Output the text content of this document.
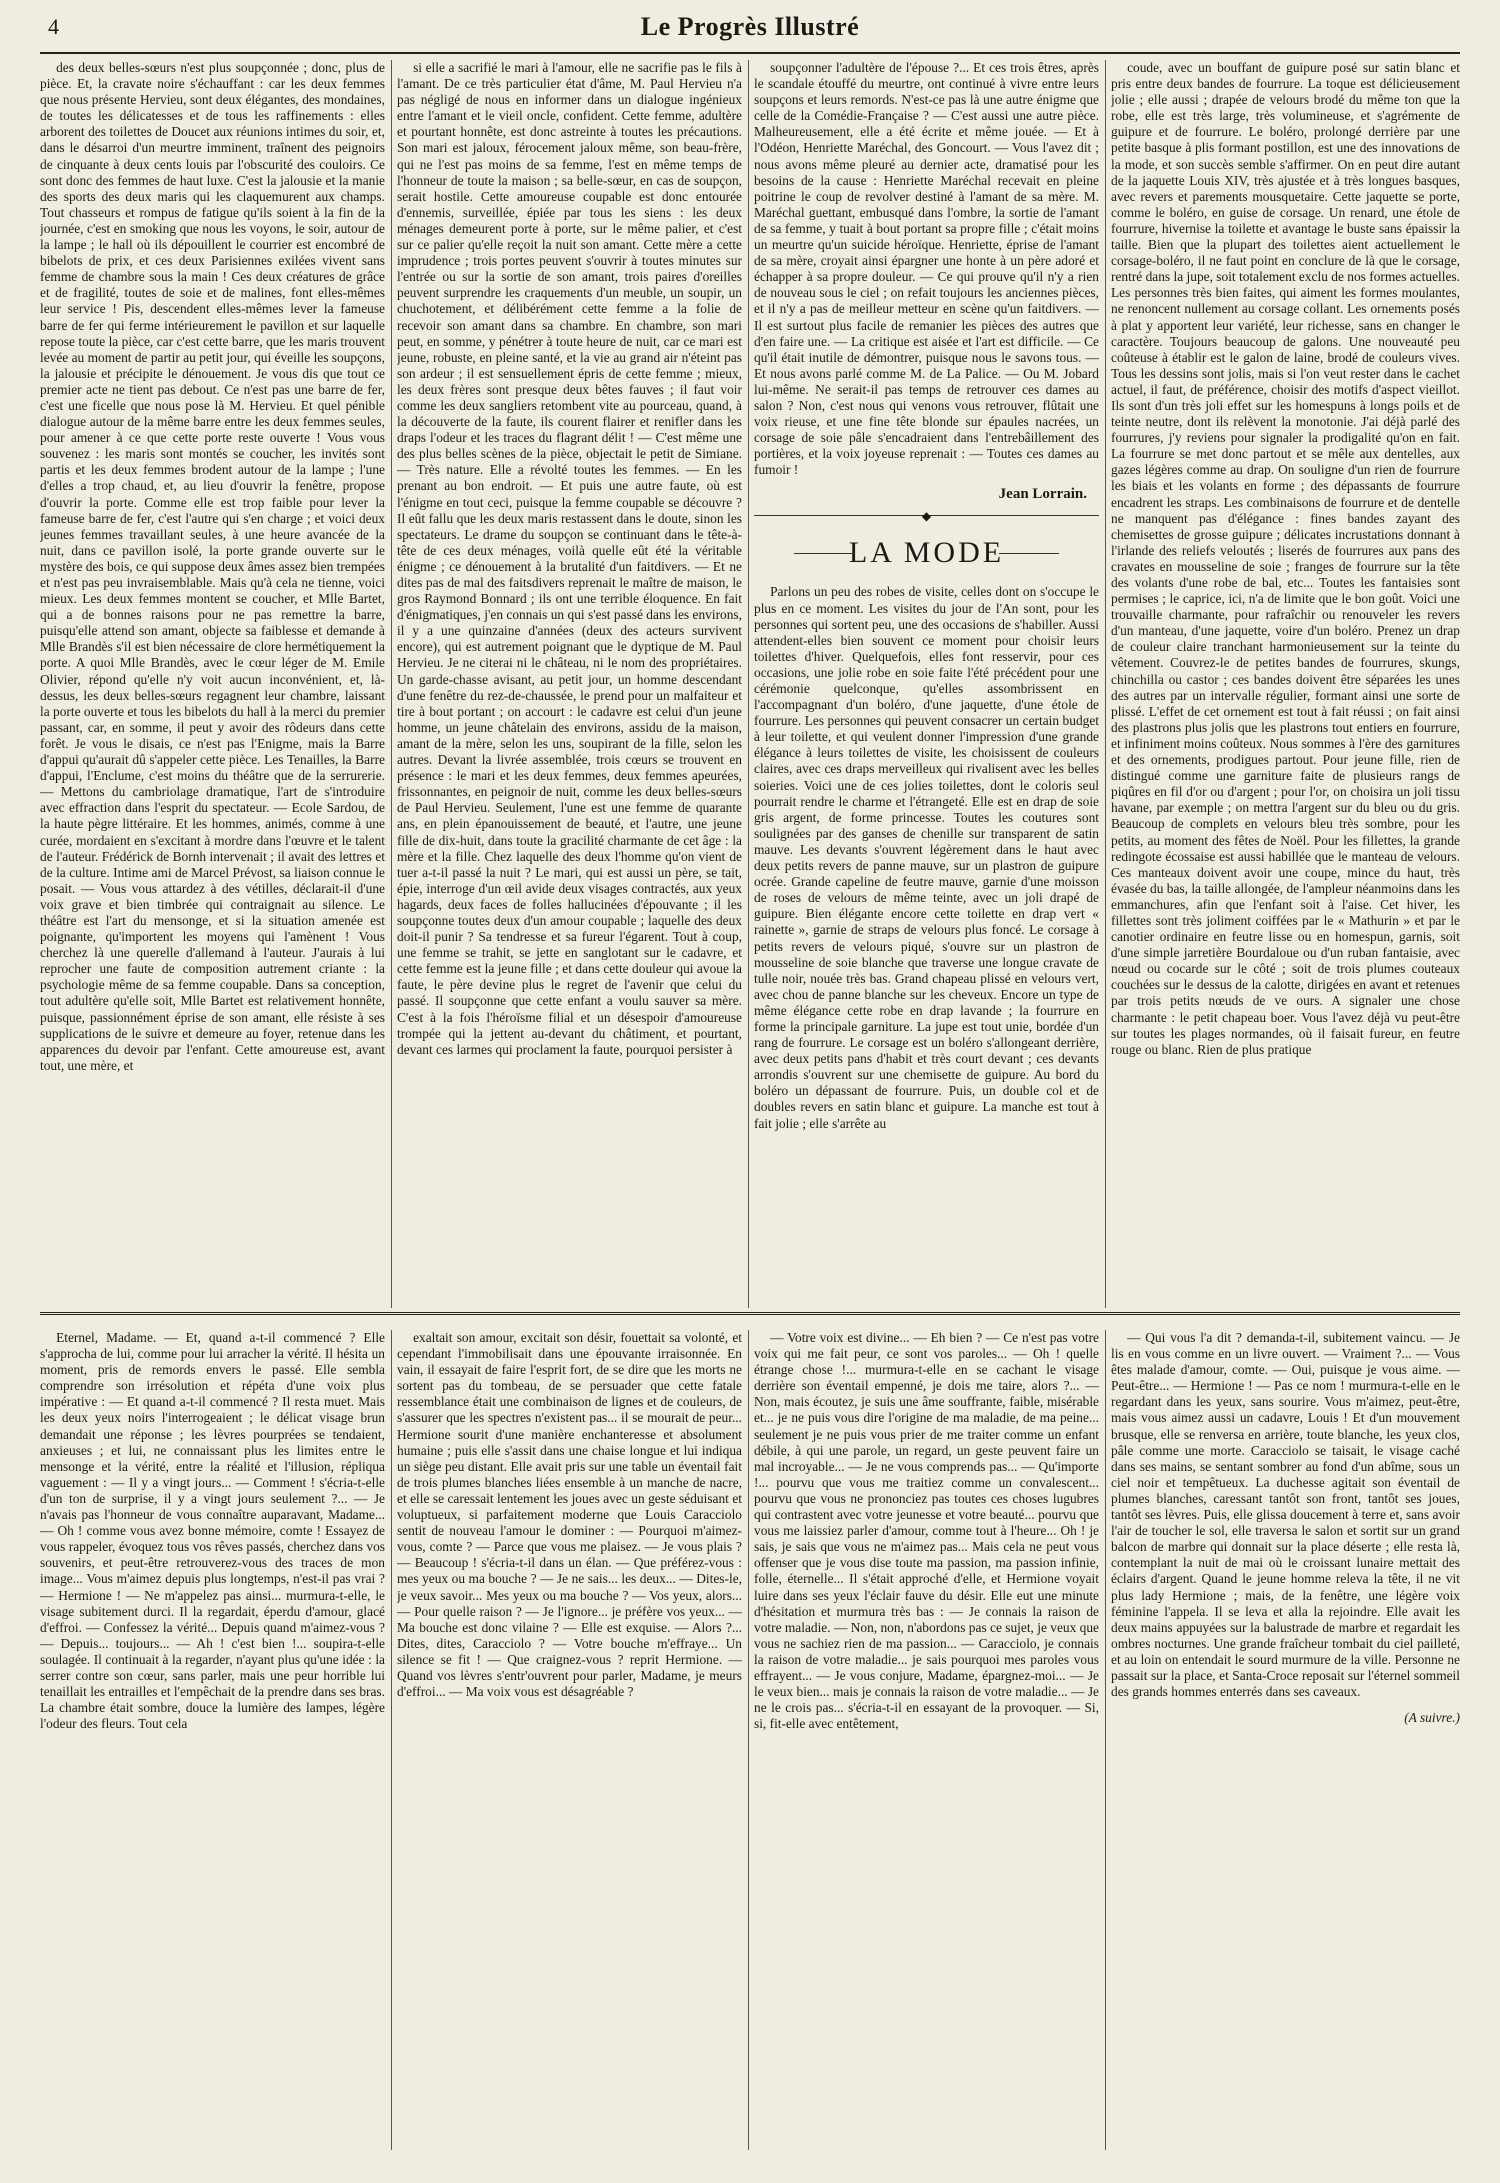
4	Le Progrès Illustré

des deux belles-sœurs n'est plus soupçonnée ; donc, plus de pièce. Et, la cravate noire s'échauffant : car les deux femmes que nous présente Hervieu, sont deux élégantes, des mondaines, de toutes les délicatesses et de tous les raffinements : elles arborent des toilettes de Doucet aux réunions intimes du soir, et, dans le désarroi d'un meurtre imminent, traînent des peignoirs de cinquante à deux cents louis par l'obscurité des couloirs. Ce sont donc des femmes de haut luxe. C'est la jalousie et la manie des sports des deux maris qui les claquemurent aux champs. Tout chasseurs et rompus de fatigue qu'ils soient à la fin de la journée, c'est en smoking que nous les voyons, le soir, autour de la lampe ; le hall où ils dépouillent le courrier est encombré de bibelots de prix, et ces deux Parisiennes exilées vivent sans femme de chambre sous la main ! Ces deux créatures de grâce et de fragilité, toutes de soie et de malines, font elles-mêmes leur service ! Pis, descendent elles-mêmes lever la fameuse barre de fer qui ferme intérieurement le pavillon et sur laquelle repose toute la pièce, car c'est cette barre, que les maris trouvent levée au moment de partir au petit jour, qui éveille les soupçons, la jalousie et précipite le dénouement. Je vous dis que tout ce premier acte ne tient pas debout. Ce n'est pas une barre de fer, c'est une ficelle que nous pose là M. Hervieu. Et quel pénible dialogue autour de la même barre entre les deux femmes seules, pour amener à ce que cette porte reste ouverte ! Vous vous souvenez : les maris sont montés se coucher, les invités sont partis et les deux femmes brodent autour de la lampe ; l'une d'elles a trop chaud, et, au lieu d'ouvrir la fenêtre, propose d'ouvrir la porte. Comme elle est trop faible pour lever la fameuse barre de fer, c'est l'autre qui s'en charge ; et voici deux jeunes femmes travaillant seules, à une heure avancée de la nuit, dans ce pavillon isolé, la porte grande ouverte sur le mystère des bois, ce qui suppose deux âmes assez bien trempées et n'est pas peu invraisemblable. Mais qu'à cela ne tienne, voici mieux. Les deux femmes montent se coucher, et Mlle Bartet, qui a de bonnes raisons pour ne pas remettre la barre, puisqu'elle attend son amant, objecte sa faiblesse et demande à Mlle Brandès s'il est bien nécessaire de clore hermétiquement la porte. A quoi Mlle Brandès, avec le cœur léger de M. Emile Olivier, répond qu'elle n'y voit aucun inconvénient, et, là-dessus, les deux belles-sœurs regagnent leur chambre, laissant la porte ouverte et tous les bibelots du hall à la merci du premier passant, car, en somme, il peut y avoir des rôdeurs dans cette forêt. Je vous le disais, ce n'est pas l'Enigme, mais la Barre d'appui qu'aurait dû s'appeler cette pièce. Les Tenailles, la Barre d'appui, l'Enclume, c'est moins du théâtre que de la serrurerie. — Mettons du cambriolage dramatique, l'art de s'introduire avec effraction dans l'esprit du spectateur. — Ecole Sardou, de la haute pègre littéraire. Et les hommes, animés, comme à une curée, mordaient en s'excitant à mordre dans l'œuvre et le talent de l'auteur. Frédérick de Bornh intervenait ; il avait des lettres et de la culture. Intime ami de Marcel Prévost, sa liaison connue le posait. — Vous vous attardez à des vétilles, déclarait-il d'une voix grave et bien timbrée qui contraignait au silence. Le théâtre est l'art du mensonge, et si la situation amenée est poignante, qu'importent les moyens qui l'amènent ! Vous cherchez là une querelle d'allemand à l'auteur. J'aurais à lui reprocher une faute de composition autrement criante : la psychologie même de sa femme coupable. Dans sa conception, tout adultère qu'elle soit, Mlle Bartet est relativement honnête, puisque, passionnément éprise de son amant, elle résiste à ses supplications de le suivre et demeure au foyer, retenue dans les apparences du devoir par l'enfant. Cette amoureuse est, avant tout, une mère, et

si elle a sacrifié le mari à l'amour, elle ne sacrifie pas le fils à l'amant. De ce très particulier état d'âme, M. Paul Hervieu n'a pas négligé de nous en informer dans un dialogue ingénieux entre l'amant et le vieil oncle, confident. Cette femme, adultère et pourtant honnête, est donc astreinte à toutes les précautions. Son mari est jaloux, férocement jaloux même, son beau-frère, qui ne l'est pas moins de sa femme, l'est en même temps de l'honneur de toute la maison ; sa belle-sœur, en cas de soupçon, serait hostile. Cette amoureuse coupable est donc entourée d'ennemis, surveillée, épiée par tous les siens : les deux ménages demeurent porte à porte, sur le même palier, et c'est sur ce palier qu'elle reçoit la nuit son amant. Cette mère a cette imprudence ; trois portes peuvent s'ouvrir à toutes minutes sur l'entrée ou sur la sortie de son amant, trois paires d'oreilles peuvent surprendre les craquements d'un meuble, un soupir, un chuchotement, et délibérément cette femme a la folie de recevoir son amant dans sa chambre. En chambre, son mari peut, en somme, y pénétrer à toute heure de nuit, car ce mari est jeune, robuste, en pleine santé, et la vie au grand air n'éteint pas son ardeur ; il est sensuellement épris de cette femme ; mieux, les deux frères sont presque deux bêtes fauves ; il faut voir comme les deux sangliers retombent vite au pourceau, quand, à la découverte de la faute, ils courent flairer et renifler dans les draps l'odeur et les traces du flagrant délit ! — C'est même une des plus belles scènes de la pièce, objectait le petit de Simiane. — Très nature. Elle a révolté toutes les femmes. — En les prenant au bon endroit. — Et puis une autre faute, où est l'énigme en tout ceci, puisque la femme coupable se découvre ? Il eût fallu que les deux maris restassent dans le doute, sinon les spectateurs. Le drame du soupçon se continuant dans le tête-à-tête de ces deux ménages, voilà quelle eût été la véritable énigme ; ce dénouement à la brutalité d'un faitdivers. — Et ne dites pas de mal des faitsdivers reprenait le maître de maison, le gros Raymond Bonnard ; ils ont une terrible éloquence. En fait d'énigmatiques, j'en connais un qui s'est passé dans les environs, il y a une quinzaine d'années (deux des acteurs survivent encore), qui est autrement poignant que le dyptique de M. Paul Hervieu. Je ne citerai ni le château, ni le nom des propriétaires. Un garde-chasse avisant, au petit jour, un homme descendant d'une fenêtre du rez-de-chaussée, le prend pour un malfaiteur et tire à bout portant ; on accourt : le cadavre est celui d'un jeune homme, un jeune châtelain des environs, assidu de la maison, amant de la mère, selon les uns, soupirant de la fille, selon les autres. Devant la livrée assemblée, trois cœurs se trouvent en présence : le mari et les deux femmes, deux femmes apeurées, frissonnantes, en peignoir de nuit, comme les deux belles-sœurs de Paul Hervieu. Seulement, l'une est une femme de quarante ans, en plein épanouissement de beauté, et l'autre, une jeune fille de dix-huit, dans toute la gracilité charmante de cet âge : la mère et la fille. Chez laquelle des deux l'homme qu'on vient de tuer a-t-il passé la nuit ? Le mari, qui est aussi un père, se tait, épie, interroge d'un œil avide deux visages contractés, aux yeux hagards, deux faces de folles hallucinées d'épouvante ; il les soupçonne toutes deux d'un amour coupable ; laquelle des deux doit-il punir ? Sa tendresse et sa fureur l'égarent. Tout à coup, une femme se trahit, se jette en sanglotant sur le cadavre, et cette femme est la jeune fille ; et dans cette douleur qui avoue la faute, le père devine plus le regret de l'avenir que celui du passé. Il soupçonne que cette enfant a voulu sauver sa mère. C'est à la fois l'héroïsme filial et un désespoir d'amoureuse trompée qui la jettent au-devant du châtiment, et pourtant, devant ces larmes qui proclament la faute, pourquoi persister à

soupçonner l'adultère de l'épouse ?... Et ces trois êtres, après le scandale étouffé du meurtre, ont continué à vivre entre leurs soupçons et leurs remords. N'est-ce pas là une autre énigme que celle de la Comédie-Française ? — C'est aussi une autre pièce. Malheureusement, elle a été écrite et même jouée. — Et à l'Odéon, Henriette Maréchal, des Goncourt. — Vous l'avez dit ; nous avons même pleuré au dernier acte, dramatisé pour les besoins de la cause : Henriette Maréchal recevait en pleine poitrine le coup de revolver destiné à l'amant de sa mère. M. Maréchal guettant, embusqué dans l'ombre, la sortie de l'amant de sa femme, y tuait à bout portant sa propre fille ; c'était moins un meurtre qu'un suicide héroïque. Henriette, éprise de l'amant de sa mère, croyait ainsi épargner une honte à un père adoré et échapper à sa propre douleur. — Ce qui prouve qu'il n'y a rien de nouveau sous le ciel ; on refait toujours les anciennes pièces, et il n'y a pas de meilleur metteur en scène qu'un faitdivers. — Il est surtout plus facile de remanier les pièces des autres que d'en faire une. — La critique est aisée et l'art est difficile. — Ce qu'il était inutile de démontrer, puisque nous le savons tous. — Et nous avons parlé comme M. de La Palice. — Ou M. Jobard lui-même. Ne serait-il pas temps de retrouver ces dames au salon ? Non, c'est nous qui venons vous retrouver, flûtait une voix rieuse, et une fine tête blonde sur épaules nacrées, un corsage de soie pâle s'encadraient dans l'entrebâillement des portières, et la voix joyeuse reprenait : — Toutes ces dames au fumoir !

Jean Lorrain.
◆
LA MODE

Parlons un peu des robes de visite, celles dont on s'occupe le plus en ce moment. Les visites du jour de l'An sont, pour les personnes qui sortent peu, une des occasions de s'habiller. Aussi attendent-elles bien souvent ce moment pour choisir leurs toilettes d'hiver. Quelquefois, elles font resservir, pour ces occasions, une jolie robe en soie faite l'été précédent pour une cérémonie quelconque, qu'elles assombrissent en l'accompagnant d'un boléro, d'une jaquette, d'une étole de fourrure. Les personnes qui peuvent consacrer un certain budget à leur toilette, et qui veulent donner l'impression d'une grande élégance à leurs toilettes de visite, les choisissent de couleurs claires, avec ces draps merveilleux qui rivalisent avec les belles soieries. Voici une de ces jolies toilettes, dont le coloris seul pourrait rendre le charme et l'étrangeté. Elle est en drap de soie gris argent, de forme princesse. Toutes les coutures sont soulignées par des ganses de chenille sur transparent de satin mauve. Les devants s'ouvrent légèrement dans le haut avec deux petits revers de panne mauve, sur un plastron de guipure ocrée. Grande capeline de feutre mauve, garnie d'une moisson de roses de velours de même teinte, avec un joli drapé de guipure. Bien élégante encore cette toilette en drap vert « rainette », garnie de straps de velours plus foncé. Le corsage à petits revers de velours piqué, s'ouvre sur un plastron de mousseline de soie blanche que traverse une longue cravate de tulle noir, nouée très bas. Grand chapeau plissé en velours vert, avec chou de panne blanche sur les cheveux. Encore un type de même élégance cette robe en drap lavande ; la fourrure en forme la principale garniture. La jupe est tout unie, bordée d'un rang de fourrure. Le corsage est un boléro s'allongeant derrière, avec deux petits pans d'habit et très court devant ; ces devants arrondis s'ouvrent sur une chemisette de guipure. Au bord du boléro un dépassant de fourrure. Puis, un double col et de doubles revers en satin blanc et guipure. La manche est tout à fait jolie ; elle s'arrête au

coude, avec un bouffant de guipure posé sur satin blanc et pris entre deux bandes de fourrure. La toque est délicieusement jolie ; elle aussi ; drapée de velours brodé du même ton que la robe, elle est très large, très volumineuse, et s'agrémente de guipure et de fourrure. Le boléro, prolongé derrière par une petite basque à plis formant postillon, est une des innovations de la mode, et son succès semble s'affirmer. On en peut dire autant de la jaquette Louis XIV, très ajustée et à très longues basques, avec revers et parements mousquetaire. Cette jaquette se porte, comme le boléro, en guise de corsage. Un renard, une étole de fourrure, hivernise la toilette et avantage le buste sans épaissir la taille. Bien que la plupart des toilettes aient actuellement le corsage-boléro, il ne faut point en conclure de là que le corsage, rentré dans la jupe, soit totalement exclu de nos formes actuelles. Les personnes très bien faites, qui aiment les formes moulantes, ne renoncent nullement au corsage collant. Les ornements posés à plat y apportent leur variété, leur richesse, sans en changer le caractère. Toujours beaucoup de galons. Une nouveauté peu coûteuse à établir est le galon de laine, brodé de couleurs vives. Tous les dessins sont jolis, mais si l'on veut rester dans le cachet actuel, il faut, de préférence, choisir des motifs d'aspect vieillot. Ils sont d'un très joli effet sur les homespuns à longs poils et de teinte neutre, dont ils relèvent la monotonie. J'ai déjà parlé des fourrures, j'y reviens pour signaler la prodigalité qu'on en fait. La fourrure se met donc partout et se mêle aux dentelles, aux gazes légères comme au drap. On souligne d'un rien de fourrure les biais et les volants en forme ; des dépassants de fourrure encadrent les straps. Les combinaisons de fourrure et de dentelle ne manquent pas d'élégance : fines bandes zayant des chemisettes de grosse guipure ; délicates incrustations donnant à l'irlande des reliefs veloutés ; liserés de fourrures aux pans des cravates en mousseline de soie ; franges de fourrure sur la tête des volants d'une robe de bal, etc... Toutes les fantaisies sont permises ; le caprice, ici, n'a de limite que le bon goût. Voici une trouvaille charmante, pour rafraîchir ou renouveler les revers d'un manteau, d'une jaquette, voire d'un boléro. Prenez un drap de couleur claire tranchant harmonieusement sur la teinte du vêtement. Couvrez-le de petites bandes de fourrures, skungs, chinchilla ou castor ; ces bandes doivent être séparées les unes des autres par un intervalle régulier, formant ainsi une sorte de plissé. L'effet de cet ornement est tout à fait réussi ; on fait ainsi des plastrons plus jolis que les plastrons tout entiers en fourrure, et infiniment moins coûteux. Nous sommes à l'ère des garnitures et des ornements, prodigues partout. Pour jeune fille, rien de distingué comme une garniture faite de plusieurs rangs de piqûres en fil d'or ou d'argent ; pour l'or, on choisira un joli tissu havane, par exemple ; on mettra l'argent sur du bleu ou du gris. Beaucoup de complets en velours bleu très sombre, pour les petits, au moment des fêtes de Noël. Pour les fillettes, la grande redingote écossaise est aussi habillée que le manteau de velours. Ces manteaux doivent avoir une coupe, mince du haut, très évasée du bas, la taille allongée, de l'ampleur néanmoins dans les emmanchures, afin que l'enfant soit à l'aise. Cet hiver, les fillettes sont très joliment coiffées par le « Mathurin » et par le canotier ordinaire en feutre lisse ou en homespun, garnis, soit d'une simple jarretière Bourdaloue ou d'un ruban fantaisie, avec nœud ou cocarde sur le côté ; soit de trois plumes couteaux couchées sur le dessus de la calotte, dirigées en avant et retenues par trois petits nœuds de ve ours. A signaler une chose charmante : le petit chapeau boer. Vous l'avez déjà vu peut-être sur toutes les plages normandes, où il faisait fureur, en feutre rouge ou blanc. Rien de plus pratique

Eternel, Madame. — Et, quand a-t-il commencé ? Elle s'approcha de lui, comme pour lui arracher la vérité. Il hésita un moment, pris de remords envers le passé. Elle sembla comprendre son irrésolution et répéta d'une voix plus impérative : — Et quand a-t-il commencé ? Il resta muet. Mais les deux yeux noirs l'interrogeaient ; le délicat visage brun demandait une réponse ; les lèvres pourprées se tendaient, anxieuses ; et lui, ne connaissant plus les limites entre le mensonge et la vérité, entre la réalité et l'illusion, répliqua vaguement : — Il y a vingt jours... — Comment ! s'écria-t-elle d'un ton de surprise, il y a vingt jours seulement ?... — Je n'avais pas l'honneur de vous connaître auparavant, Madame... — Oh ! comme vous avez bonne mémoire, comte ! Essayez de vous rappeler, évoquez tous vos rêves passés, cherchez dans vos souvenirs, et peut-être retrouverez-vous des traces de mon image... Vous m'aimez depuis plus longtemps, n'est-il pas vrai ? — Hermione ! — Ne m'appelez pas ainsi... murmura-t-elle, le visage subitement durci. Il la regardait, éperdu d'amour, glacé d'effroi. — Confessez la vérité... Depuis quand m'aimez-vous ? — Depuis... toujours... — Ah ! c'est bien !... soupira-t-elle soulagée. Il continuait à la regarder, n'ayant plus qu'une idée : la serrer contre son cœur, sans parler, mais une peur horrible lui tenaillait les entrailles et l'empêchait de la prendre dans ses bras. La chambre était sombre, douce la lumière des lampes, légère l'odeur des fleurs. Tout cela

exaltait son amour, excitait son désir, fouettait sa volonté, et cependant l'immobilisait dans une épouvante irraisonnée. En vain, il essayait de faire l'esprit fort, de se dire que les morts ne sortent pas du tombeau, de se persuader que cette fatale ressemblance était une combinaison de lignes et de couleurs, de s'assurer que les spectres n'existent pas... il se mourait de peur... Hermione sourit d'une manière enchanteresse et absolument humaine ; puis elle s'assit dans une chaise longue et lui indiqua un siège peu distant. Elle avait pris sur une table un éventail fait de trois plumes blanches liées ensemble à un manche de nacre, et elle se caressait lentement les joues avec un geste séduisant et voluptueux, si parfaitement moderne que Louis Caracciolo sentit de nouveau l'amour le dominer : — Pourquoi m'aimez-vous, comte ? — Parce que vous me plaisez. — Je vous plais ? — Beaucoup ! s'écria-t-il dans un élan. — Que préférez-vous : mes yeux ou ma bouche ? — Je ne sais... les deux... — Dites-le, je veux savoir... Mes yeux ou ma bouche ? — Vos yeux, alors... — Pour quelle raison ? — Je l'ignore... je préfère vos yeux... — Ma bouche est donc vilaine ? — Elle est exquise. — Alors ?... Dites, dites, Caracciolo ? — Votre bouche m'effraye... Un silence se fit ! — Que craignez-vous ? reprit Hermione. — Quand vos lèvres s'entr'ouvrent pour parler, Madame, je meurs d'effroi... — Ma voix vous est désagréable ?

— Votre voix est divine... — Eh bien ? — Ce n'est pas votre voix qui me fait peur, ce sont vos paroles... — Oh ! quelle étrange chose !... murmura-t-elle en se cachant le visage derrière son éventail empenné, je dois me taire, alors ?... — Non, mais écoutez, je suis une âme souffrante, faible, misérable et... je ne puis vous dire l'origine de ma maladie, de ma peine... seulement je ne puis vous prier de me traiter comme un enfant débile, à qui une parole, un regard, un geste peuvent faire un mal incroyable... — Je ne vous comprends pas... — Qu'importe !... pourvu que vous me traitiez comme un convalescent... pourvu que vous ne prononciez pas toutes ces choses lugubres qui contrastent avec votre jeunesse et votre beauté... pourvu que vous me laissiez parler d'amour, comme tout à l'heure... Oh ! je sais, je sais que vous ne m'aimez pas... Mais cela ne peut vous offenser que je vous dise toute ma passion, ma passion infinie, folle, éternelle... Il s'était approché d'elle, et Hermione voyait luire dans ses yeux l'éclair fauve du désir. Elle eut une minute d'hésitation et murmura très bas : — Je connais la raison de votre maladie. — Non, non, n'abordons pas ce sujet, je veux que vous ne sachiez rien de ma passion... — Caracciolo, je connais la raison de votre maladie... je sais pourquoi mes paroles vous effrayent... — Je vous conjure, Madame, épargnez-moi... — Je le veux bien... mais je connais la raison de votre maladie... — Je ne le crois pas... s'écria-t-il en essayant de la provoquer. — Si, si, fit-elle avec entêtement,

— Qui vous l'a dit ? demanda-t-il, subitement vaincu. — Je lis en vous comme en un livre ouvert. — Vraiment ?... — Vous êtes malade d'amour, comte. — Oui, puisque je vous aime. — Peut-être... — Hermione ! — Pas ce nom ! murmura-t-elle en le regardant dans les yeux, sans sourire. Vous m'aimez, peut-être, mais vous aimez aussi un cadavre, Louis ! Et d'un mouvement brusque, elle se renversa en arrière, toute blanche, les yeux clos, pâle comme une morte. Caracciolo se taisait, le visage caché dans ses mains, se sentant sombrer au fond d'un abîme, sous un ciel noir et tempêtueux. La duchesse agitait son éventail de plumes blanches, caressant tantôt son front, tantôt ses joues, tantôt ses lèvres. Puis, elle glissa doucement à terre et, sans avoir l'air de toucher le sol, elle traversa le salon et sortit sur un grand balcon de marbre qui donnait sur la place déserte ; elle resta là, contemplant la nuit de mai où le croissant lunaire mettait des éclairs d'argent. Quand le jeune homme releva la tête, il ne vit plus lady Hermione ; mais, de la fenêtre, une légère voix féminine l'appela. Il se leva et alla la rejoindre. Elle avait les deux mains appuyées sur la balustrade de marbre et regardait les ombres nocturnes. Une grande fraîcheur tombait du ciel pailleté, et au loin on entendait le sourd murmure de la ville. Personne ne passait sur la place, et Santa-Croce reposait sur l'éternel sommeil des grands hommes enterrés dans ses caveaux.

(A suivre.)
